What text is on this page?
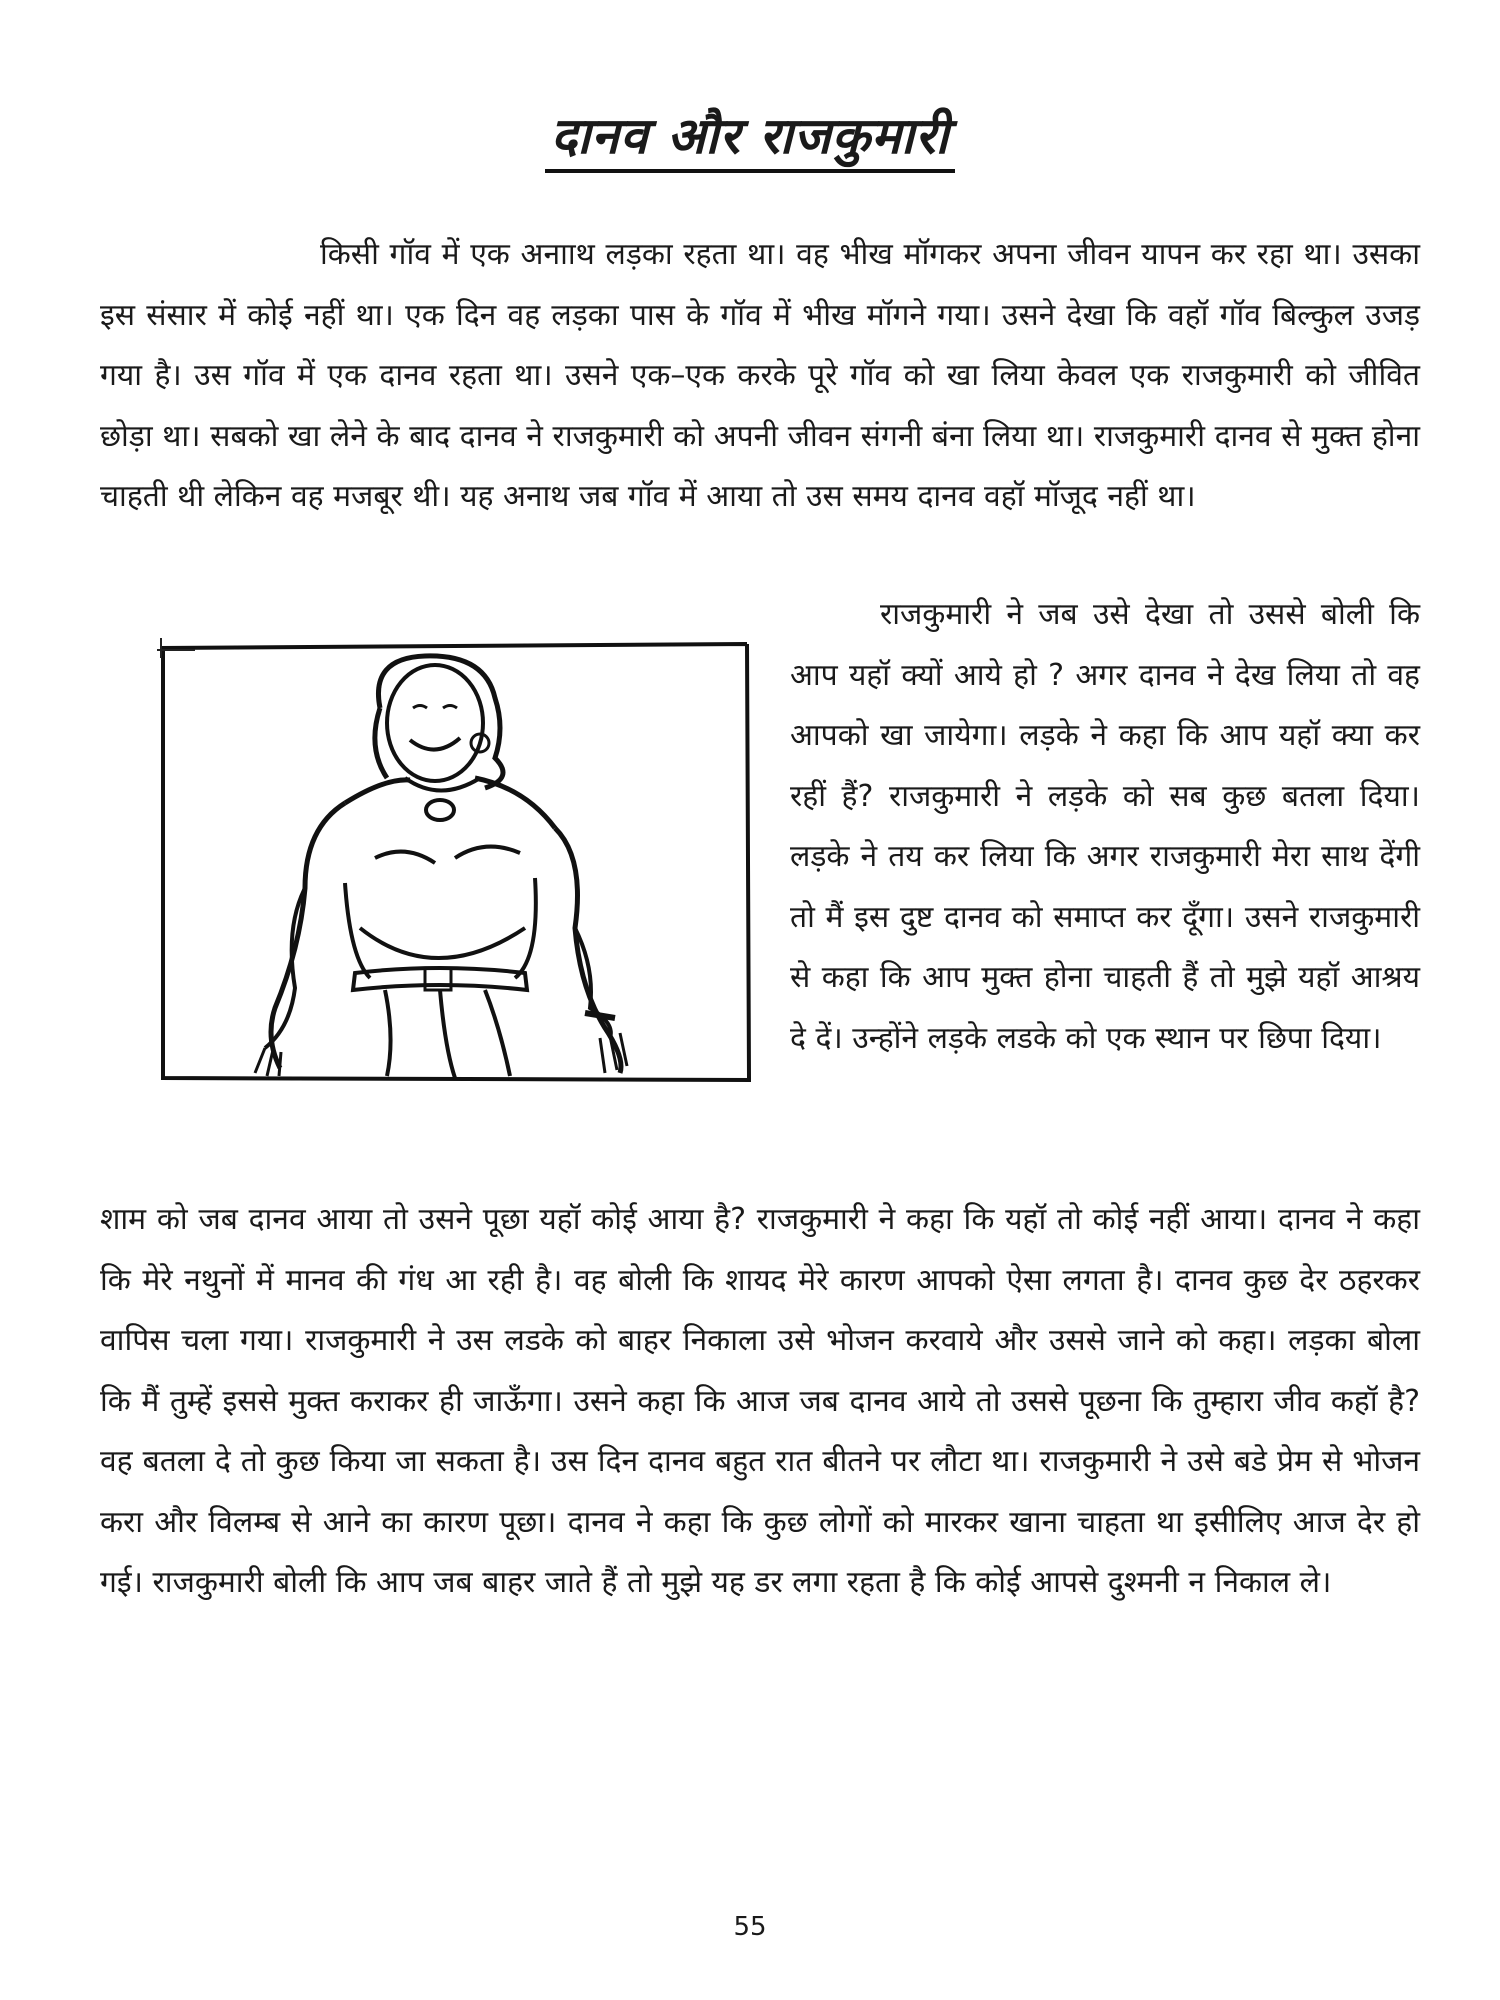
दानव और राजकुमारी

किसी गॉव में एक अनााथ लड़का रहता था। वह भीख मॉगकर अपना जीवन यापन कर रहा था। उसका इस संसार में कोई नहीं था। एक दिन वह लड़का पास के गॉव में भीख मॉगने गया। उसने देखा कि वहॉ गॉव बिल्कुल उजड़ गया है। उस गॉव में एक दानव रहता था। उसने एक–एक करके पूरे गॉव को खा लिया केवल एक राजकुमारी को जीवित छोड़ा था। सबको खा लेने के बाद दानव ने राजकुमारी को अपनी जीवन संगनी बंना लिया था। राजकुमारी दानव से मुक्त होना चाहती थी लेकिन वह मजबूर थी। यह अनाथ जब गॉव में आया तो उस समय दानव वहॉ मॉजूद नहीं था।

राजकुमारी ने जब उसे देखा तो उससे बोली कि आप यहॉ क्यों आये हो ? अगर दानव ने देख लिया तो वह आपको खा जायेगा। लड़के ने कहा कि आप यहॉ क्या कर रहीं हैं? राजकुमारी ने लड़के को सब कुछ बतला दिया। लड़के ने तय कर लिया कि अगर राजकुमारी मेरा साथ देंगी तो मैं इस दुष्ट दानव को समाप्त कर दूँगा। उसने राजकुमारी से कहा कि आप मुक्त होना चाहती हैं तो मुझे यहॉ आश्रय दे दें। उन्होंने लड़के लडके को एक स्थान पर छिपा दिया।

शाम को जब दानव आया तो उसने पूछा यहॉ कोई आया है? राजकुमारी ने कहा कि यहॉ तो कोई नहीं आया। दानव ने कहा कि मेरे नथुनों में मानव की गंध आ रही है। वह बोली कि शायद मेरे कारण आपको ऐसा लगता है। दानव कुछ देर ठहरकर वापिस चला गया। राजकुमारी ने उस लडके को बाहर निकाला उसे भोजन करवाये और उससे जाने को कहा। लड़का बोला कि मैं तुम्हें इससे मुक्त कराकर ही जाऊँगा। उसने कहा कि आज जब दानव आये तो उससे पूछना कि तुम्हारा जीव कहॉ है? वह बतला दे तो कुछ किया जा सकता है। उस दिन दानव बहुत रात बीतने पर लौटा था। राजकुमारी ने उसे बडे प्रेम से भोजन करा और विलम्ब से आने का कारण पूछा। दानव ने कहा कि कुछ लोगों को मारकर खाना चाहता था इसीलिए आज देर हो गई। राजकुमारी बोली कि आप जब बाहर जाते हैं तो मुझे यह डर लगा रहता है कि कोई आपसे दुश्मनी न निकाल ले।

55
